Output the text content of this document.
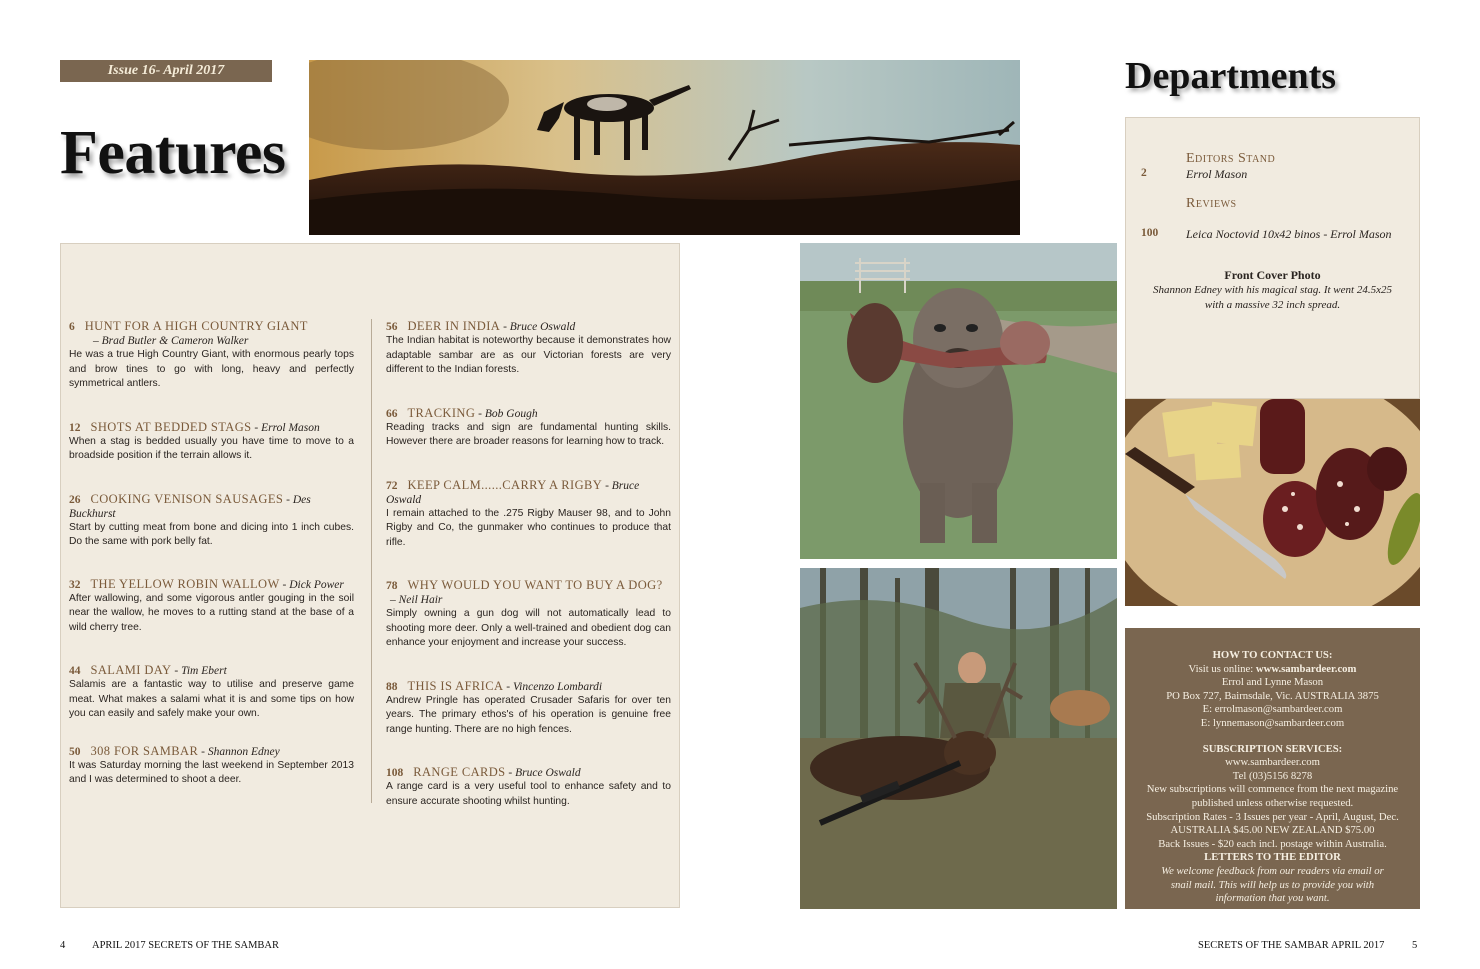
Issue 16- April 2017
Features
Departments
6 HUNT FOR A HIGH COUNTRY GIANT
– Brad Butler & Cameron Walker
He was a true High Country Giant, with enormous pearly tops and brow tines to go with long, heavy and perfectly symmetrical antlers.
12 SHOTS AT BEDDED STAGS - Errol Mason
When a stag is bedded usually you have time to move to a broadside position if the terrain allows it.
26 COOKING VENISON SAUSAGES - Des Buckhurst
Start by cutting meat from bone and dicing into 1 inch cubes. Do the same with pork belly fat.
32 THE YELLOW ROBIN WALLOW - Dick Power
After wallowing, and some vigorous antler gouging in the soil near the wallow, he moves to a rutting stand at the base of a wild cherry tree.
44 SALAMI DAY - Tim Ebert
Salamis are a fantastic way to utilise and preserve game meat. What makes a salami what it is and some tips on how you can easily and safely make your own.
50 308 FOR SAMBAR - Shannon Edney
It was Saturday morning the last weekend in September 2013 and I was determined to shoot a deer.
56 DEER IN INDIA - Bruce Oswald
The Indian habitat is noteworthy because it demonstrates how adaptable sambar are as our Victorian forests are very different to the Indian forests.
66 TRACKING - Bob Gough
Reading tracks and sign are fundamental hunting skills. However there are broader reasons for learning how to track.
72 KEEP CALM......CARRY A RIGBY - Bruce Oswald
I remain attached to the .275 Rigby Mauser 98, and to John Rigby and Co, the gunmaker who continues to produce that rifle.
78 WHY WOULD YOU WANT TO BUY A DOG?
– Neil Hair
Simply owning a gun dog will not automatically lead to shooting more deer. Only a well-trained and obedient dog can enhance your enjoyment and increase your success.
88 THIS IS AFRICA - Vincenzo Lombardi
Andrew Pringle has operated Crusader Safaris for over ten years. The primary ethos's of his operation is genuine free range hunting. There are no high fences.
108 RANGE CARDS - Bruce Oswald
A range card is a very useful tool to enhance safety and to ensure accurate shooting whilst hunting.
Editors Stand
2	Errol Mason
Reviews
100 Leica Noctovid 10x42 binos - Errol Mason
Front Cover Photo
Shannon Edney with his magical stag. It went 24.5x25 with a massive 32 inch spread.
HOW TO CONTACT US:
Visit us online: www.sambardeer.com
Errol and Lynne Mason
PO Box 727, Bairnsdale, Vic. AUSTRALIA 3875
E: errolmason@sambardeer.com
E: lynnemason@sambardeer.com
SUBSCRIPTION SERVICES:
www.sambardeer.com
Tel (03)5156 8278
New subscriptions will commence from the next magazine published unless otherwise requested.
Subscription Rates - 3 Issues per year - April, August, Dec.
AUSTRALIA $45.00 NEW ZEALAND $75.00
Back Issues - $20 each incl. postage within Australia.
LETTERS TO THE EDITOR
We welcome feedback from our readers via email or snail mail. This will help us to provide you with information that you want.
4	APRIL 2017 SECRETS OF THE SAMBAR	SECRETS OF THE SAMBAR APRIL 2017	5
